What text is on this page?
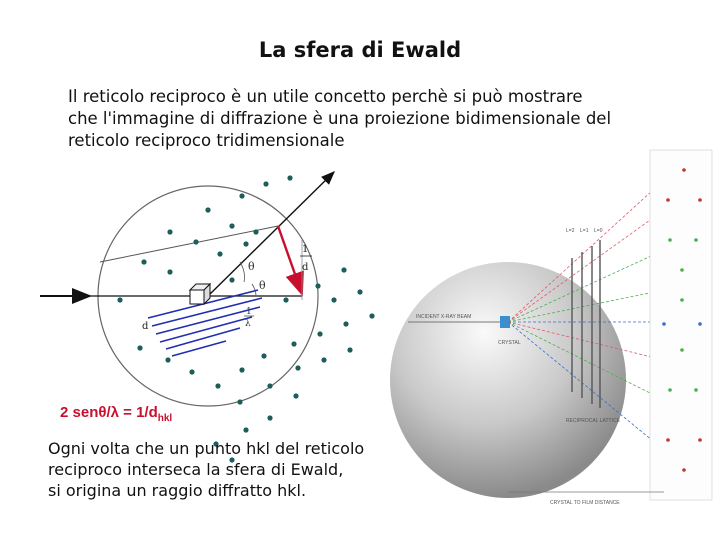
La sfera di Ewald
Il reticolo reciproco è un utile concetto perchè si può mostrare
che l'immagine di diffrazione è una proiezione bidimensionale del
reticolo reciproco tridimensionale
θ
θ
1
d
1
λ
d
INCIDENT X-RAY BEAM
CRYSTAL
L=2 L=1 L=0
RECIPROCAL LATTICE
CRYSTAL TO FILM DISTANCE
2 $sen\theta/\lambda = 1/d_{hkl}$
Ogni volta che un punto hkl del reticolo
reciproco interseca la sfera di Ewald,
si origina un raggio diffratto hkl.
